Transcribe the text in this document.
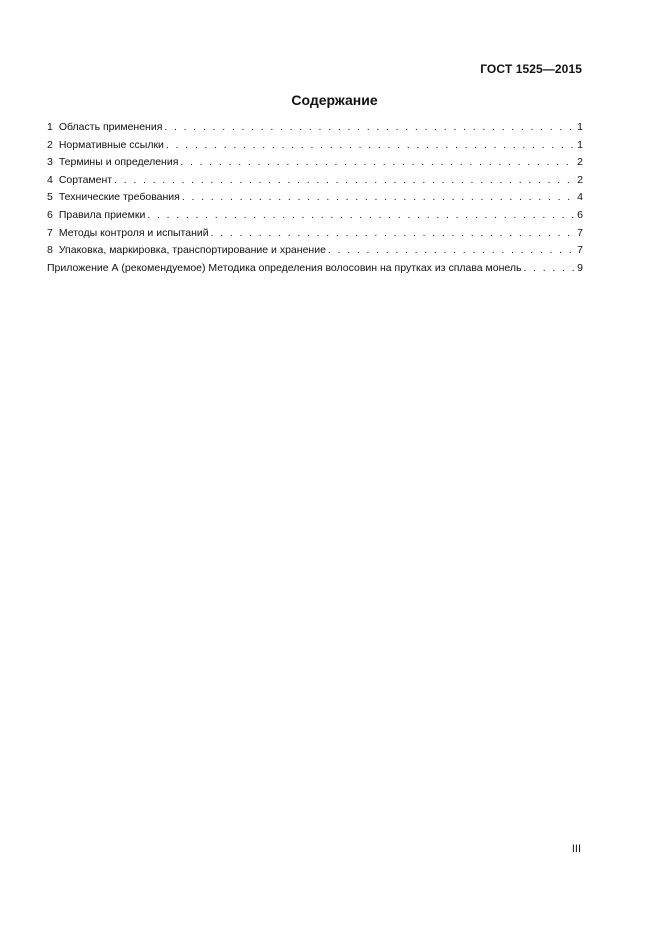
ГОСТ 1525—2015
Содержание
1 Область применения . . .	1
2 Нормативные ссылки . . .	1
3 Термины и определения . . .	2
4 Сортамент . . .	2
5 Технические требования . . .	4
6 Правила приемки . . .	6
7 Методы контроля и испытаний . . .	7
8 Упаковка, маркировка, транспортирование и хранение . . .	7
Приложение А (рекомендуемое) Методика определения волосовин на прутках из сплава монель . . .	9
III
